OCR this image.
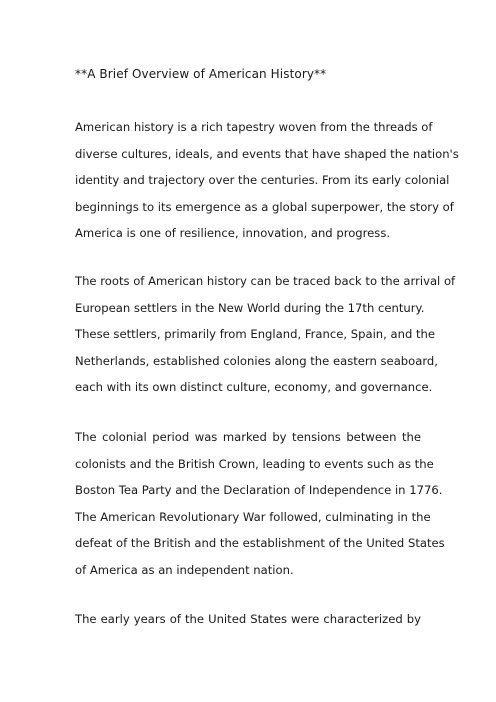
**A Brief Overview of American History**
American history is a rich tapestry woven from the threads of
diverse cultures, ideals, and events that have shaped the nation's
identity and trajectory over the centuries. From its early colonial
beginnings to its emergence as a global superpower, the story of
America is one of resilience, innovation, and progress.
The roots of American history can be traced back to the arrival of
European settlers in the New World during the 17th century.
These settlers, primarily from England, France, Spain, and the
Netherlands, established colonies along the eastern seaboard,
each with its own distinct culture, economy, and governance.
The colonial period was marked by tensions between the
colonists and the British Crown, leading to events such as the
Boston Tea Party and the Declaration of Independence in 1776.
The American Revolutionary War followed, culminating in the
defeat of the British and the establishment of the United States
of America as an independent nation.
The early years of the United States were characterized by
